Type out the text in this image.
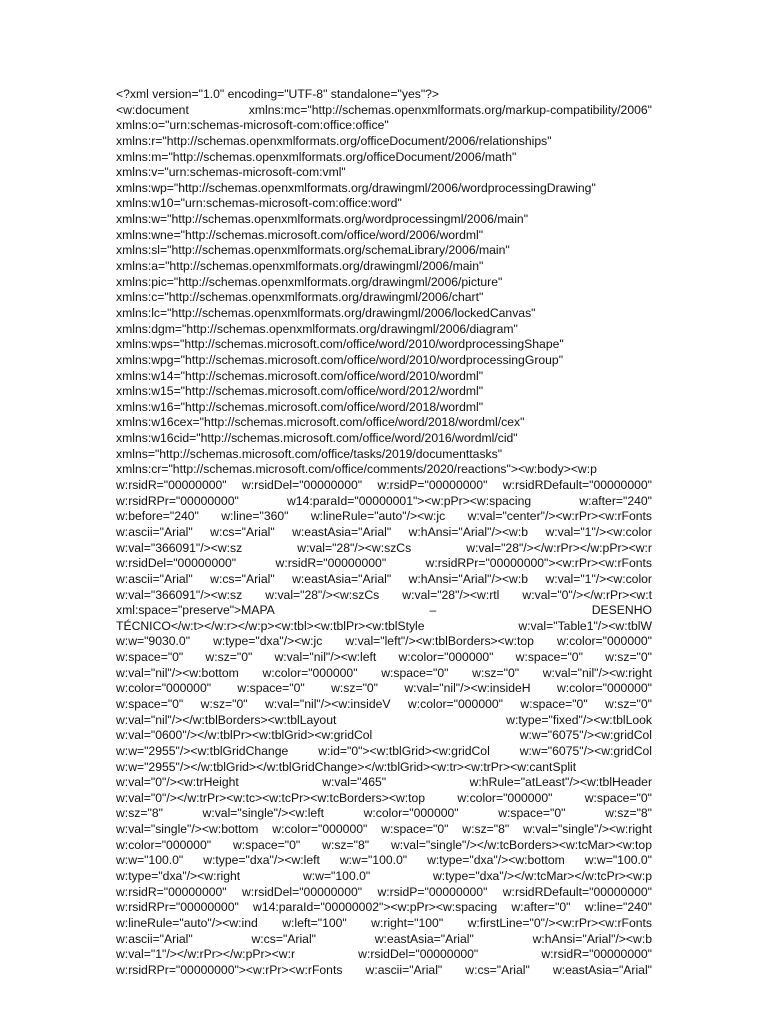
<?xml version="1.0" encoding="UTF-8" standalone="yes"?>
<w:document xmlns:mc="http://schemas.openxmlformats.org/markup-compatibility/2006"
xmlns:o="urn:schemas-microsoft-com:office:office"
xmlns:r="http://schemas.openxmlformats.org/officeDocument/2006/relationships"
xmlns:m="http://schemas.openxmlformats.org/officeDocument/2006/math"
xmlns:v="urn:schemas-microsoft-com:vml"
xmlns:wp="http://schemas.openxmlformats.org/drawingml/2006/wordprocessingDrawing"
xmlns:w10="urn:schemas-microsoft-com:office:word"
xmlns:w="http://schemas.openxmlformats.org/wordprocessingml/2006/main"
xmlns:wne="http://schemas.microsoft.com/office/word/2006/wordml"
xmlns:sl="http://schemas.openxmlformats.org/schemaLibrary/2006/main"
xmlns:a="http://schemas.openxmlformats.org/drawingml/2006/main"
xmlns:pic="http://schemas.openxmlformats.org/drawingml/2006/picture"
xmlns:c="http://schemas.openxmlformats.org/drawingml/2006/chart"
xmlns:lc="http://schemas.openxmlformats.org/drawingml/2006/lockedCanvas"
xmlns:dgm="http://schemas.openxmlformats.org/drawingml/2006/diagram"
xmlns:wps="http://schemas.microsoft.com/office/word/2010/wordprocessingShape"
xmlns:wpg="http://schemas.microsoft.com/office/word/2010/wordprocessingGroup"
xmlns:w14="http://schemas.microsoft.com/office/word/2010/wordml"
xmlns:w15="http://schemas.microsoft.com/office/word/2012/wordml"
xmlns:w16="http://schemas.microsoft.com/office/word/2018/wordml"
xmlns:w16cex="http://schemas.microsoft.com/office/word/2018/wordml/cex"
xmlns:w16cid="http://schemas.microsoft.com/office/word/2016/wordml/cid"
xmlns="http://schemas.microsoft.com/office/tasks/2019/documenttasks"
xmlns:cr="http://schemas.microsoft.com/office/comments/2020/reactions"><w:body><w:p
w:rsidR="00000000" w:rsidDel="00000000" w:rsidP="00000000" w:rsidRDefault="00000000"
w:rsidRPr="00000000" w14:paraId="00000001"><w:pPr><w:spacing w:after="240"
w:before="240" w:line="360" w:lineRule="auto"/><w:jc w:val="center"/><w:rPr><w:rFonts
w:ascii="Arial" w:cs="Arial" w:eastAsia="Arial" w:hAnsi="Arial"/><w:b w:val="1"/><w:color
w:val="366091"/><w:sz w:val="28"/><w:szCs w:val="28"/></w:rPr></w:pPr><w:r
w:rsidDel="00000000" w:rsidR="00000000" w:rsidRPr="00000000"><w:rPr><w:rFonts
w:ascii="Arial" w:cs="Arial" w:eastAsia="Arial" w:hAnsi="Arial"/><w:b w:val="1"/><w:color
w:val="366091"/><w:sz w:val="28"/><w:szCs w:val="28"/><w:rtl w:val="0"/></w:rPr><w:t
xml:space="preserve">MAPA – DESENHO
TÉCNICO</w:t></w:r></w:p><w:tbl><w:tblPr><w:tblStyle w:val="Table1"/><w:tblW
w:w="9030.0" w:type="dxa"/><w:jc w:val="left"/><w:tblBorders><w:top w:color="000000"
w:space="0" w:sz="0" w:val="nil"/><w:left w:color="000000" w:space="0" w:sz="0"
w:val="nil"/><w:bottom w:color="000000" w:space="0" w:sz="0" w:val="nil"/><w:right
w:color="000000" w:space="0" w:sz="0" w:val="nil"/><w:insideH w:color="000000"
w:space="0" w:sz="0" w:val="nil"/><w:insideV w:color="000000" w:space="0" w:sz="0"
w:val="nil"/></w:tblBorders><w:tblLayout w:type="fixed"/><w:tblLook
w:val="0600"/></w:tblPr><w:tblGrid><w:gridCol w:w="6075"/><w:gridCol
w:w="2955"/><w:tblGridChange w:id="0"><w:tblGrid><w:gridCol w:w="6075"/><w:gridCol
w:w="2955"/></w:tblGrid></w:tblGridChange></w:tblGrid><w:tr><w:trPr><w:cantSplit
w:val="0"/><w:trHeight w:val="465" w:hRule="atLeast"/><w:tblHeader
w:val="0"/></w:trPr><w:tc><w:tcPr><w:tcBorders><w:top w:color="000000" w:space="0"
w:sz="8" w:val="single"/><w:left w:color="000000" w:space="0" w:sz="8"
w:val="single"/><w:bottom w:color="000000" w:space="0" w:sz="8" w:val="single"/><w:right
w:color="000000" w:space="0" w:sz="8" w:val="single"/></w:tcBorders><w:tcMar><w:top
w:w="100.0" w:type="dxa"/><w:left w:w="100.0" w:type="dxa"/><w:bottom w:w="100.0"
w:type="dxa"/><w:right w:w="100.0" w:type="dxa"/></w:tcMar></w:tcPr><w:p
w:rsidR="00000000" w:rsidDel="00000000" w:rsidP="00000000" w:rsidRDefault="00000000"
w:rsidRPr="00000000" w14:paraId="00000002"><w:pPr><w:spacing w:after="0" w:line="240"
w:lineRule="auto"/><w:ind w:left="100" w:right="100" w:firstLine="0"/><w:rPr><w:rFonts
w:ascii="Arial" w:cs="Arial" w:eastAsia="Arial" w:hAnsi="Arial"/><w:b
w:val="1"/></w:rPr></w:pPr><w:r w:rsidDel="00000000" w:rsidR="00000000"
w:rsidRPr="00000000"><w:rPr><w:rFonts w:ascii="Arial" w:cs="Arial" w:eastAsia="Arial"
